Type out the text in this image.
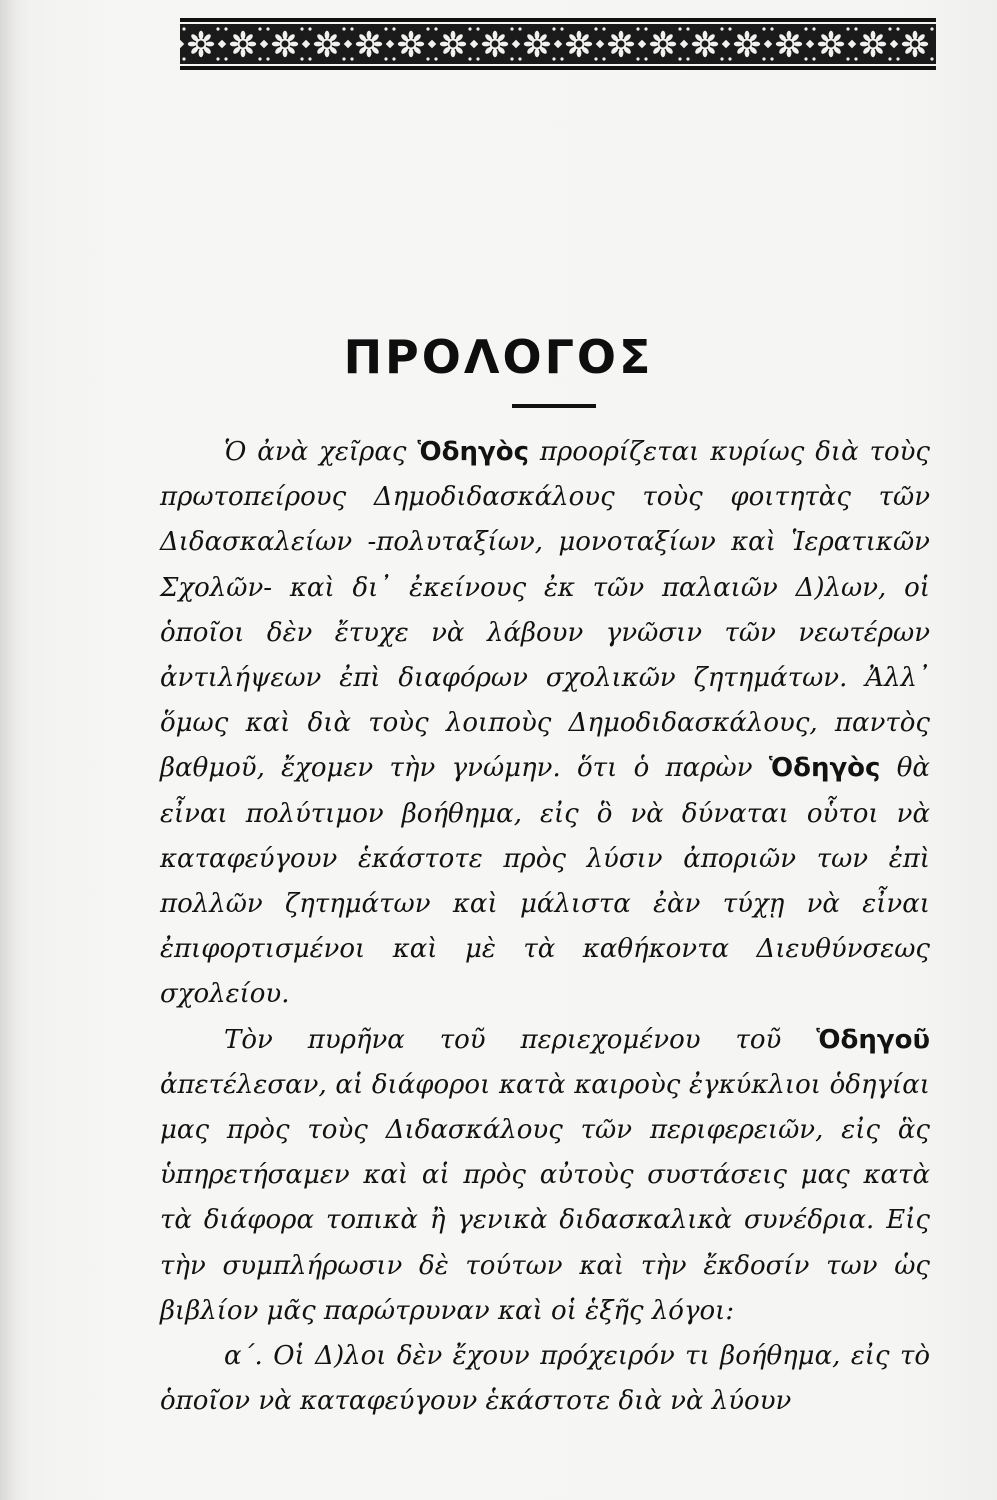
ΠΡΟΛΟΓΟΣ

Ὁ ἀνὰ χεῖρας Ὁδηγὸς προορίζεται κυρίως διὰ τοὺς πρωτοπείρους Δημοδιδασκάλους τοὺς φοιτητὰς τῶν Διδασκαλείων -πολυταξίων, μονοταξίων καὶ Ἱερατικῶν Σχολῶν- καὶ δι᾿ ἐκείνους ἐκ τῶν παλαιῶν Δ)λων, οἱ ὁποῖοι δὲν ἔτυχε νὰ λάβουν γνῶσιν τῶν νεωτέρων ἀντιλήψεων ἐπὶ διαφόρων σχολικῶν ζητημάτων. Ἀλλ᾿ ὅμως καὶ διὰ τοὺς λοιποὺς Δημοδιδασκάλους, παντὸς βαθμοῦ, ἔχομεν τὴν γνώμην. ὅτι ὁ παρὼν Ὁδηγὸς θὰ εἶναι πολύτιμον βοήθημα, εἰς ὃ νὰ δύναται οὗτοι νὰ καταφεύγουν ἑκάστοτε πρὸς λύσιν ἀποριῶν των ἐπὶ πολλῶν ζητημάτων καὶ μάλιστα ἐὰν τύχῃ νὰ εἶναι ἐπιφορτισμένοι καὶ μὲ τὰ καθήκοντα Διευθύνσεως σχολείου.

Τὸν πυρῆνα τοῦ περιεχομένου τοῦ Ὁδηγοῦ ἀπετέλεσαν, αἱ διάφοροι κατὰ καιροὺς ἐγκύκλιοι ὁδηγίαι μας πρὸς τοὺς Διδασκάλους τῶν περιφερειῶν, εἰς ἃς ὑπηρετήσαμεν καὶ αἱ πρὸς αὐτοὺς συστάσεις μας κατὰ τὰ διάφορα τοπικὰ ἢ γενικὰ διδασκαλικὰ συνέδρια. Εἰς τὴν συμπλήρωσιν δὲ τούτων καὶ τὴν ἔκδοσίν των ὡς βιβλίον μᾶς παρώτρυναν καὶ οἱ ἑξῆς λόγοι:

α΄. Οἱ Δ)λοι δὲν ἔχουν πρόχειρόν τι βοήθημα, εἰς τὸ ὁποῖον νὰ καταφεύγουν ἑκάστοτε διὰ νὰ λύουν
